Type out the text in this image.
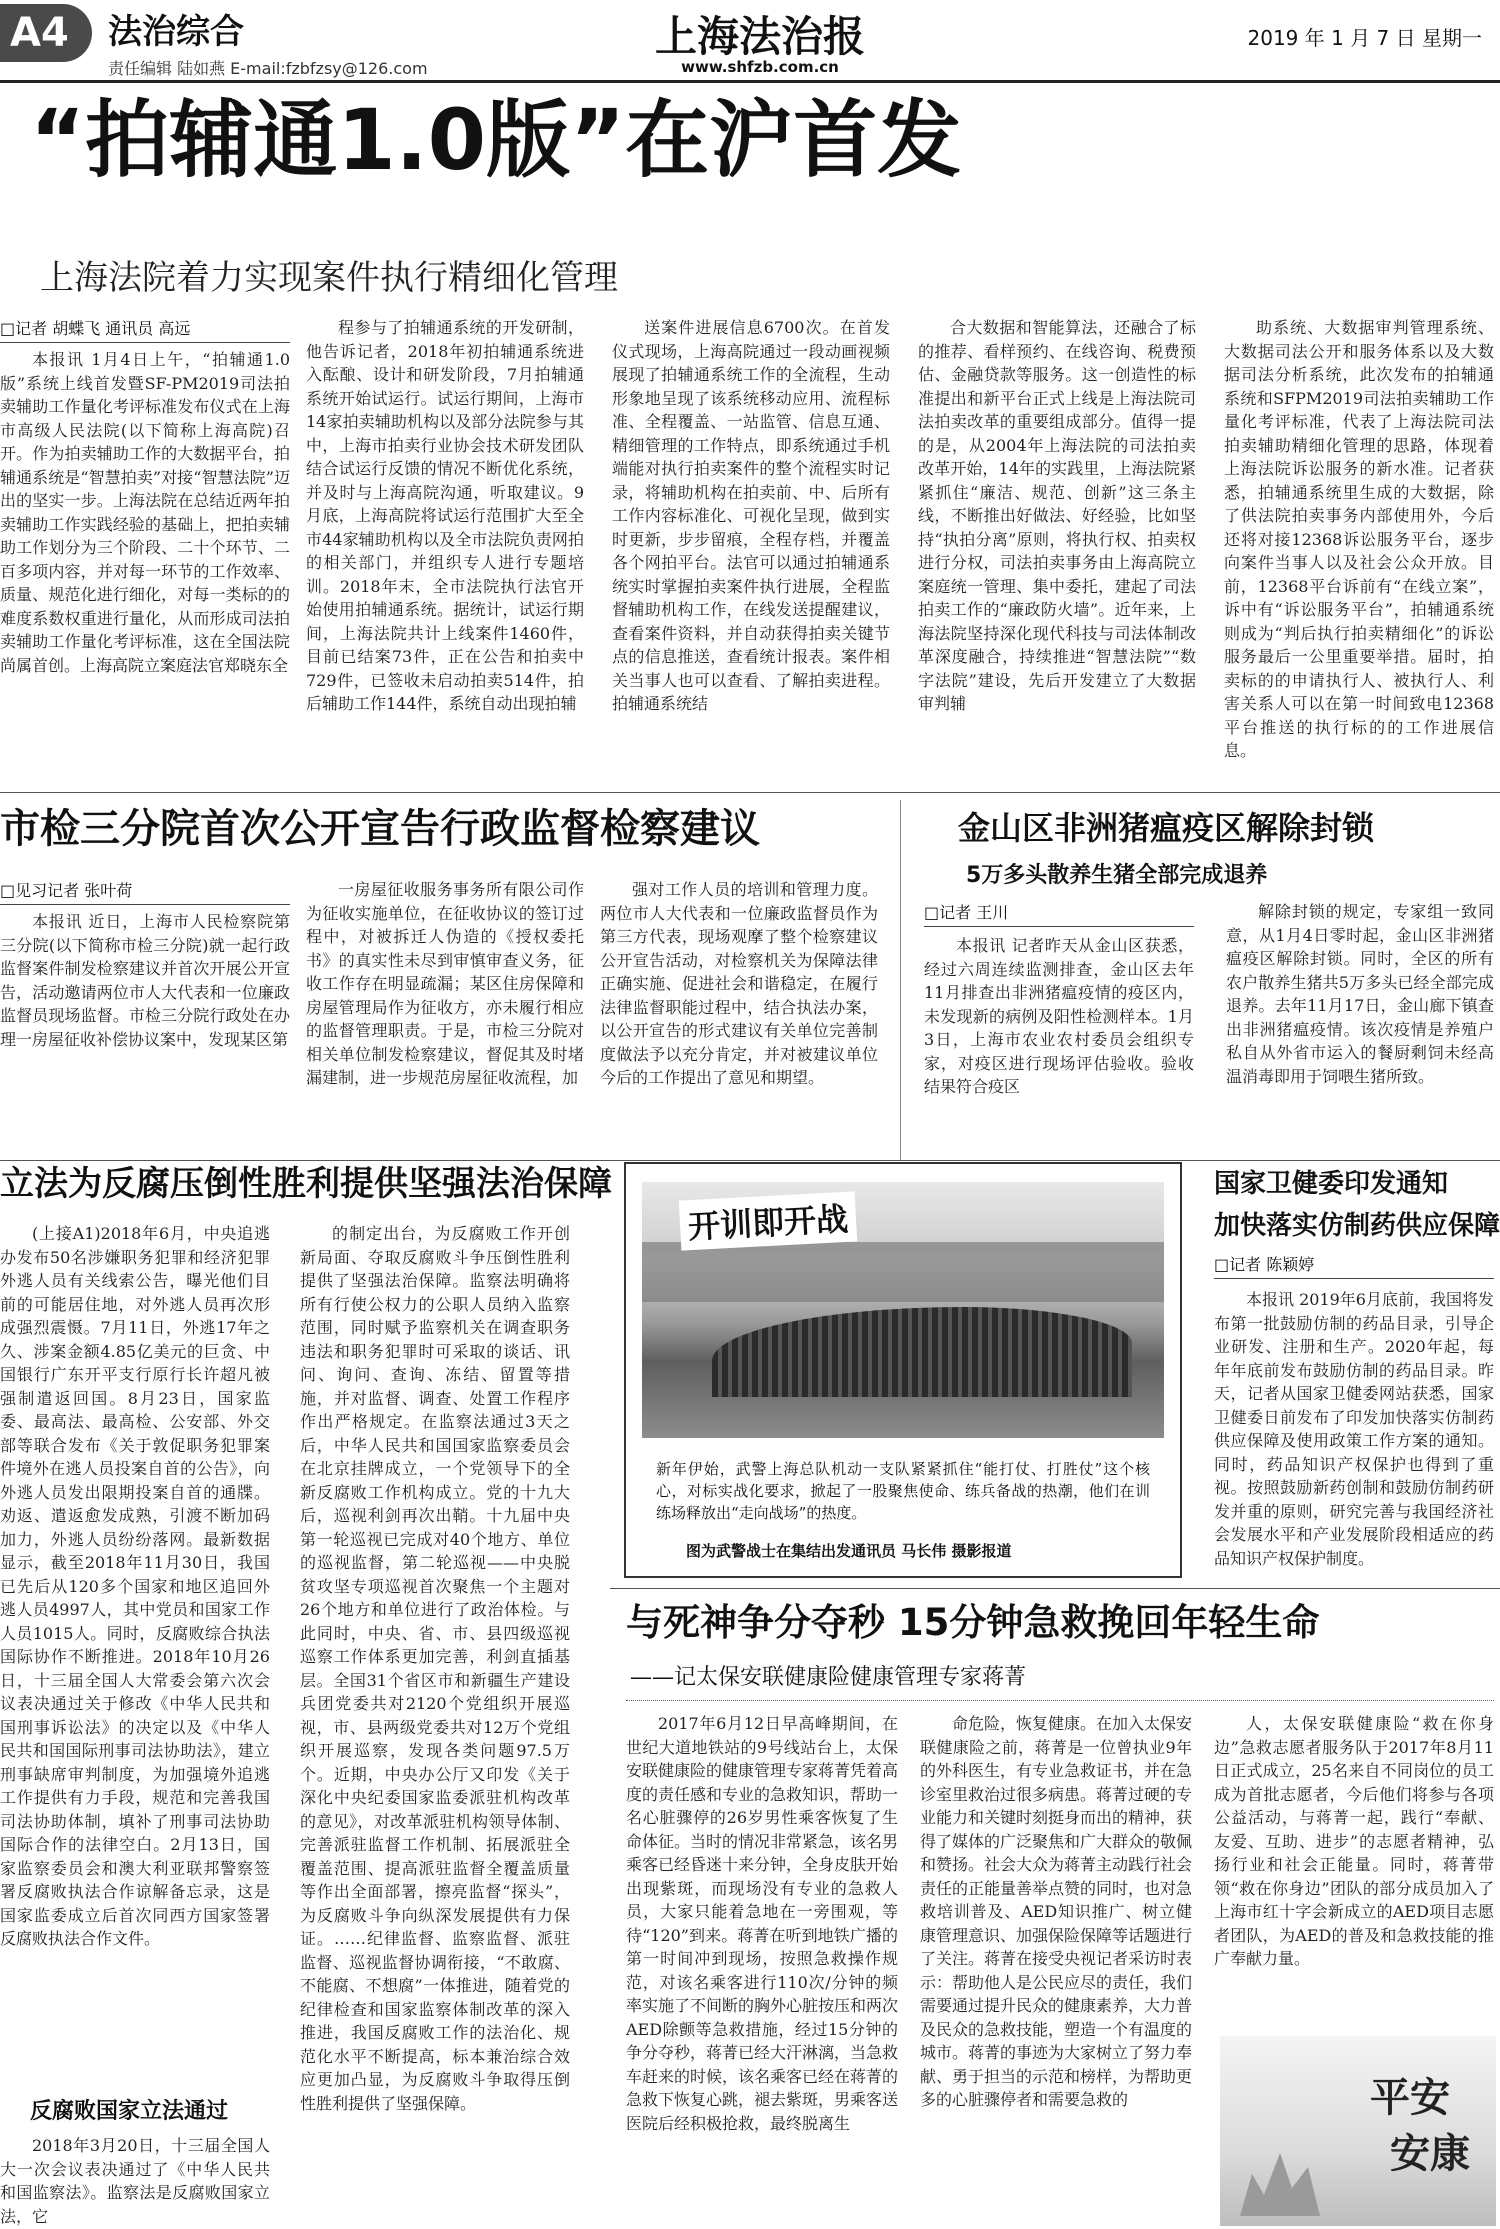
A4	法治综合
责任编辑 陆如燕 E-mail:fzbfzsy@126.com
上海法治报
www.shfzb.com.cn
2019 年 1 月 7 日 星期一
“拍辅通1.0版”在沪首发
上海法院着力实现案件执行精细化管理
□记者 胡蝶飞 通讯员 高远

本报讯 1月4日上午，“拍辅通1.0版”系统上线首发暨SF-PM2019司法拍卖辅助工作量化考评标准发布仪式在上海市高级人民法院(以下简称上海高院)召开。作为拍卖辅助工作的大数据平台，拍辅通系统是“智慧拍卖”对接“智慧法院”迈出的坚实一步。上海法院在总结近两年拍卖辅助工作实践经验的基础上，把拍卖辅助工作划分为三个阶段、二十个环节、二百多项内容，并对每一环节的工作效率、质量、规范化进行细化，对每一类标的的难度系数权重进行量化，从而形成司法拍卖辅助工作量化考评标准，这在全国法院尚属首创。上海高院立案庭法官郑晓东全

程参与了拍辅通系统的开发研制，他告诉记者，2018年初拍辅通系统进入酝酿、设计和研发阶段，7月拍辅通系统开始试运行。试运行期间，上海市14家拍卖辅助机构以及部分法院参与其中，上海市拍卖行业协会技术研发团队结合试运行反馈的情况不断优化系统，并及时与上海高院沟通，听取建议。9月底，上海高院将试运行范围扩大至全市44家辅助机构以及全市法院负责网拍的相关部门，并组织专人进行专题培训。2018年末，全市法院执行法官开始使用拍辅通系统。据统计，试运行期间，上海法院共计上线案件1460件，目前已结案73件，正在公告和拍卖中729件，已签收未启动拍卖514件，拍后辅助工作144件，系统自动出现拍辅

送案件进展信息6700次。在首发仪式现场，上海高院通过一段动画视频展现了拍辅通系统工作的全流程，生动形象地呈现了该系统移动应用、流程标准、全程覆盖、一站监管、信息互通、精细管理的工作特点，即系统通过手机端能对执行拍卖案件的整个流程实时记录，将辅助机构在拍卖前、中、后所有工作内容标准化、可视化呈现，做到实时更新，步步留痕，全程存档，并覆盖各个网拍平台。法官可以通过拍辅通系统实时掌握拍卖案件执行进展，全程监督辅助机构工作，在线发送提醒建议，查看案件资料，并自动获得拍卖关键节点的信息推送，查看统计报表。案件相关当事人也可以查看、了解拍卖进程。拍辅通系统结

合大数据和智能算法，还融合了标的推荐、看样预约、在线咨询、税费预估、金融贷款等服务。这一创造性的标准提出和新平台正式上线是上海法院司法拍卖改革的重要组成部分。值得一提的是，从2004年上海法院的司法拍卖改革开始，14年的实践里，上海法院紧紧抓住“廉洁、规范、创新”这三条主线，不断推出好做法、好经验，比如坚持“执拍分离”原则，将执行权、拍卖权进行分权，司法拍卖事务由上海高院立案庭统一管理、集中委托，建起了司法拍卖工作的“廉政防火墙”。近年来，上海法院坚持深化现代科技与司法体制改革深度融合，持续推进“智慧法院”“数字法院”建设，先后开发建立了大数据审判辅

助系统、大数据审判管理系统、大数据司法公开和服务体系以及大数据司法分析系统，此次发布的拍辅通系统和SFPM2019司法拍卖辅助工作量化考评标准，代表了上海法院司法拍卖辅助精细化管理的思路，体现着上海法院诉讼服务的新水准。记者获悉，拍辅通系统里生成的大数据，除了供法院拍卖事务内部使用外，今后还将对接12368诉讼服务平台，逐步向案件当事人以及社会公众开放。目前，12368平台诉前有“在线立案”，诉中有“诉讼服务平台”，拍辅通系统则成为“判后执行拍卖精细化”的诉讼服务最后一公里重要举措。届时，拍卖标的的申请执行人、被执行人、利害关系人可以在第一时间致电12368平台推送的执行标的的工作进展信息。

市检三分院首次公开宣告行政监督检察建议
□见习记者 张叶荷

本报讯 近日，上海市人民检察院第三分院(以下简称市检三分院)就一起行政监督案件制发检察建议并首次开展公开宣告，活动邀请两位市人大代表和一位廉政监督员现场监督。市检三分院行政处在办理一房屋征收补偿协议案中，发现某区第

一房屋征收服务事务所有限公司作为征收实施单位，在征收协议的签订过程中，对被拆迁人伪造的《授权委托书》的真实性未尽到审慎审查义务，征收工作存在明显疏漏；某区住房保障和房屋管理局作为征收方，亦未履行相应的监督管理职责。于是，市检三分院对相关单位制发检察建议，督促其及时堵漏建制，进一步规范房屋征收流程，加

强对工作人员的培训和管理力度。两位市人大代表和一位廉政监督员作为第三方代表，现场观摩了整个检察建议公开宣告活动，对检察机关为保障法律正确实施、促进社会和谐稳定，在履行法律监督职能过程中，结合执法办案，以公开宣告的形式建议有关单位完善制度做法予以充分肯定，并对被建议单位今后的工作提出了意见和期望。

金山区非洲猪瘟疫区解除封锁
5万多头散养生猪全部完成退养
□记者 王川

本报讯 记者昨天从金山区获悉，经过六周连续监测排查，金山区去年11月排查出非洲猪瘟疫情的疫区内，未发现新的病例及阳性检测样本。1月3日，上海市农业农村委员会组织专家，对疫区进行现场评估验收。验收结果符合疫区

解除封锁的规定，专家组一致同意，从1月4日零时起，金山区非洲猪瘟疫区解除封锁。同时，全区的所有农户散养生猪共5万多头已经全部完成退养。去年11月17日，金山廊下镇查出非洲猪瘟疫情。该次疫情是养殖户私自从外省市运入的餐厨剩饲未经高温消毒即用于饲喂生猪所致。

立法为反腐压倒性胜利提供坚强法治保障

(上接A1)2018年6月，中央追逃办发布50名涉嫌职务犯罪和经济犯罪外逃人员有关线索公告，曝光他们目前的可能居住地，对外逃人员再次形成强烈震慑。7月11日，外逃17年之久、涉案金额4.85亿美元的巨贪、中国银行广东开平支行原行长许超凡被强制遣返回国。8月23日，国家监委、最高法、最高检、公安部、外交部等联合发布《关于敦促职务犯罪案件境外在逃人员投案自首的公告》，向外逃人员发出限期投案自首的通牒。劝返、遣返愈发成熟，引渡不断加码加力，外逃人员纷纷落网。最新数据显示，截至2018年11月30日，我国已先后从120多个国家和地区追回外逃人员4997人，其中党员和国家工作人员1015人。同时，反腐败综合执法国际协作不断推进。2018年10月26日，十三届全国人大常委会第六次会议表决通过关于修改《中华人民共和国刑事诉讼法》的决定以及《中华人民共和国国际刑事司法协助法》，建立刑事缺席审判制度，为加强境外追逃工作提供有力手段，规范和完善我国司法协助体制，填补了刑事司法协助国际合作的法律空白。2月13日，国家监察委员会和澳大利亚联邦警察签署反腐败执法合作谅解备忘录，这是国家监委成立后首次同西方国家签署反腐败执法合作文件。

反腐败国家立法通过

2018年3月20日，十三届全国人大一次会议表决通过了《中华人民共和国监察法》。监察法是反腐败国家立法，它

的制定出台，为反腐败工作开创新局面、夺取反腐败斗争压倒性胜利提供了坚强法治保障。监察法明确将所有行使公权力的公职人员纳入监察范围，同时赋予监察机关在调查职务违法和职务犯罪时可采取的谈话、讯问、询问、查询、冻结、留置等措施，并对监督、调查、处置工作程序作出严格规定。在监察法通过3天之后，中华人民共和国国家监察委员会在北京挂牌成立，一个党领导下的全新反腐败工作机构成立。党的十九大后，巡视利剑再次出鞘。十九届中央第一轮巡视已完成对40个地方、单位的巡视监督，第二轮巡视——中央脱贫攻坚专项巡视首次聚焦一个主题对26个地方和单位进行了政治体检。与此同时，中央、省、市、县四级巡视巡察工作体系更加完善，利剑直插基层。全国31个省区市和新疆生产建设兵团党委共对2120个党组织开展巡视，市、县两级党委共对12万个党组织开展巡察，发现各类问题97.5万个。近期，中央办公厅又印发《关于深化中央纪委国家监委派驻机构改革的意见》，对改革派驻机构领导体制、完善派驻监督工作机制、拓展派驻全覆盖范围、提高派驻监督全覆盖质量等作出全面部署，擦亮监督“探头”，为反腐败斗争向纵深发展提供有力保证。……纪律监督、监察监督、派驻监督、巡视监督协调衔接，“不敢腐、不能腐、不想腐”一体推进，随着党的纪律检查和国家监察体制改革的深入推进，我国反腐败工作的法治化、规范化水平不断提高，标本兼治综合效应更加凸显，为反腐败斗争取得压倒性胜利提供了坚强保障。

开训即开战
新年伊始，武警上海总队机动一支队紧紧抓住“能打仗、打胜仗”这个核心，对标实战化要求，掀起了一股聚焦使命、练兵备战的热潮，他们在训练场释放出“走向战场”的热度。
图为武警战士在集结出发通讯员 马长伟 摄影报道
国家卫健委印发通知
加快落实仿制药供应保障
□记者 陈颖婷

本报讯 2019年6月底前，我国将发布第一批鼓励仿制的药品目录，引导企业研发、注册和生产。2020年起，每年年底前发布鼓励仿制的药品目录。昨天，记者从国家卫健委网站获悉，国家卫健委日前发布了印发加快落实仿制药供应保障及使用政策工作方案的通知。同时，药品知识产权保护也得到了重视。按照鼓励新药创制和鼓励仿制药研发并重的原则，研究完善与我国经济社会发展水平和产业发展阶段相适应的药品知识产权保护制度。

与死神争分夺秒 15分钟急救挽回年轻生命
——记太保安联健康险健康管理专家蒋菁

2017年6月12日早高峰期间，在世纪大道地铁站的9号线站台上，太保安联健康险的健康管理专家蒋菁凭着高度的责任感和专业的急救知识，帮助一名心脏骤停的26岁男性乘客恢复了生命体征。当时的情况非常紧急，该名男乘客已经昏迷十来分钟，全身皮肤开始出现紫斑，而现场没有专业的急救人员，大家只能着急地在一旁围观，等待“120”到来。蒋菁在听到地铁广播的第一时间冲到现场，按照急救操作规范，对该名乘客进行110次/分钟的频率实施了不间断的胸外心脏按压和两次AED除颤等急救措施，经过15分钟的争分夺秒，蒋菁已经大汗淋漓，当急救车赶来的时候，该名乘客已经在蒋菁的急救下恢复心跳，褪去紫斑，男乘客送医院后经积极抢救，最终脱离生

命危险，恢复健康。在加入太保安联健康险之前，蒋菁是一位曾执业9年的外科医生，有专业急救证书，并在急诊室里救治过很多病患。蒋菁过硬的专业能力和关键时刻挺身而出的精神，获得了媒体的广泛聚焦和广大群众的敬佩和赞扬。社会大众为蒋菁主动践行社会责任的正能量善举点赞的同时，也对急救培训普及、AED知识推广、树立健康管理意识、加强保险保障等话题进行了关注。蒋菁在接受央视记者采访时表示：帮助他人是公民应尽的责任，我们需要通过提升民众的健康素养，大力普及民众的急救技能，塑造一个有温度的城市。蒋菁的事迹为大家树立了努力奉献、勇于担当的示范和榜样，为帮助更多的心脏骤停者和需要急救的

人，太保安联健康险“救在你身边”急救志愿者服务队于2017年8月11日正式成立，25名来自不同岗位的员工成为首批志愿者，今后他们将参与各项公益活动，与蒋菁一起，践行“奉献、友爱、互助、进步”的志愿者精神，弘扬行业和社会正能量。同时，蒋菁带领“救在你身边”团队的部分成员加入了上海市红十字会新成立的AED项目志愿者团队，为AED的普及和急救技能的推广奉献力量。

平安
安康
